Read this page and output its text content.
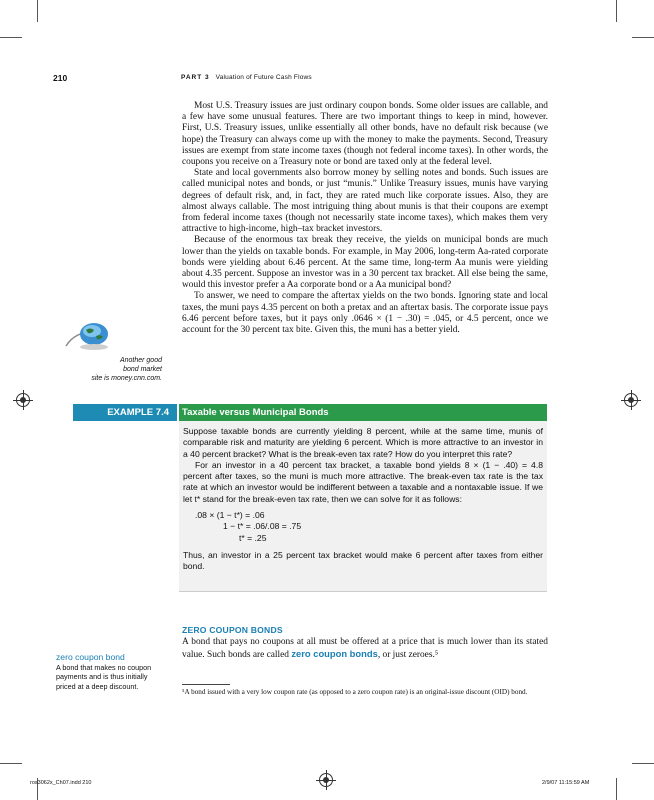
210	PART 3 Valuation of Future Cash Flows

Most U.S. Treasury issues are just ordinary coupon bonds. Some older issues are callable, and a few have some unusual features. There are two important things to keep in mind, however. First, U.S. Treasury issues, unlike essentially all other bonds, have no default risk because (we hope) the Treasury can always come up with the money to make the payments. Second, Treasury issues are exempt from state income taxes (though not federal income taxes). In other words, the coupons you receive on a Treasury note or bond are taxed only at the federal level.

State and local governments also borrow money by selling notes and bonds. Such issues are called municipal notes and bonds, or just “munis.” Unlike Treasury issues, munis have varying degrees of default risk, and, in fact, they are rated much like corporate issues. Also, they are almost always callable. The most intriguing thing about munis is that their coupons are exempt from federal income taxes (though not necessarily state income taxes), which makes them very attractive to high-income, high–tax bracket investors.

Because of the enormous tax break they receive, the yields on municipal bonds are much lower than the yields on taxable bonds. For example, in May 2006, long-term Aa-rated corporate bonds were yielding about 6.46 percent. At the same time, long-term Aa munis were yielding about 4.35 percent. Suppose an investor was in a 30 percent tax bracket. All else being the same, would this investor prefer a Aa corporate bond or a Aa municipal bond?

To answer, we need to compare the aftertax yields on the two bonds. Ignoring state and local taxes, the muni pays 4.35 percent on both a pretax and an aftertax basis. The corporate issue pays 6.46 percent before taxes, but it pays only .0646 × (1 − .30) = .045, or 4.5 percent, once we account for the 30 percent tax bite. Given this, the muni has a better yield.

Another good
bond market
site is money.cnn.com.
EXAMPLE 7.4	Taxable versus Municipal Bonds

Suppose taxable bonds are currently yielding 8 percent, while at the same time, munis of comparable risk and maturity are yielding 6 percent. Which is more attractive to an investor in a 40 percent bracket? What is the break-even tax rate? How do you interpret this rate?

For an investor in a 40 percent tax bracket, a taxable bond yields 8 × (1 − .40) = 4.8 percent after taxes, so the muni is much more attractive. The break-even tax rate is the tax rate at which an investor would be indifferent between a taxable and a nontaxable issue. If we let t* stand for the break-even tax rate, then we can solve for it as follows:

.08 × (1 − t*) = .06
1 − t* = .06/.08 = .75
t* = .25

Thus, an investor in a 25 percent tax bracket would make 6 percent after taxes from either bond.

ZERO COUPON BONDS
A bond that pays no coupons at all must be offered at a price that is much lower than its stated value. Such bonds are called zero coupon bonds, or just zeroes.⁵
zero coupon bond
A bond that makes no coupon payments and is thus initially priced at a deep discount.
⁵A bond issued with a very low coupon rate (as opposed to a zero coupon rate) is an original-issue discount (OID) bond.
ros3062x_Ch07.indd 210	2/9/07 11:15:59 AM
